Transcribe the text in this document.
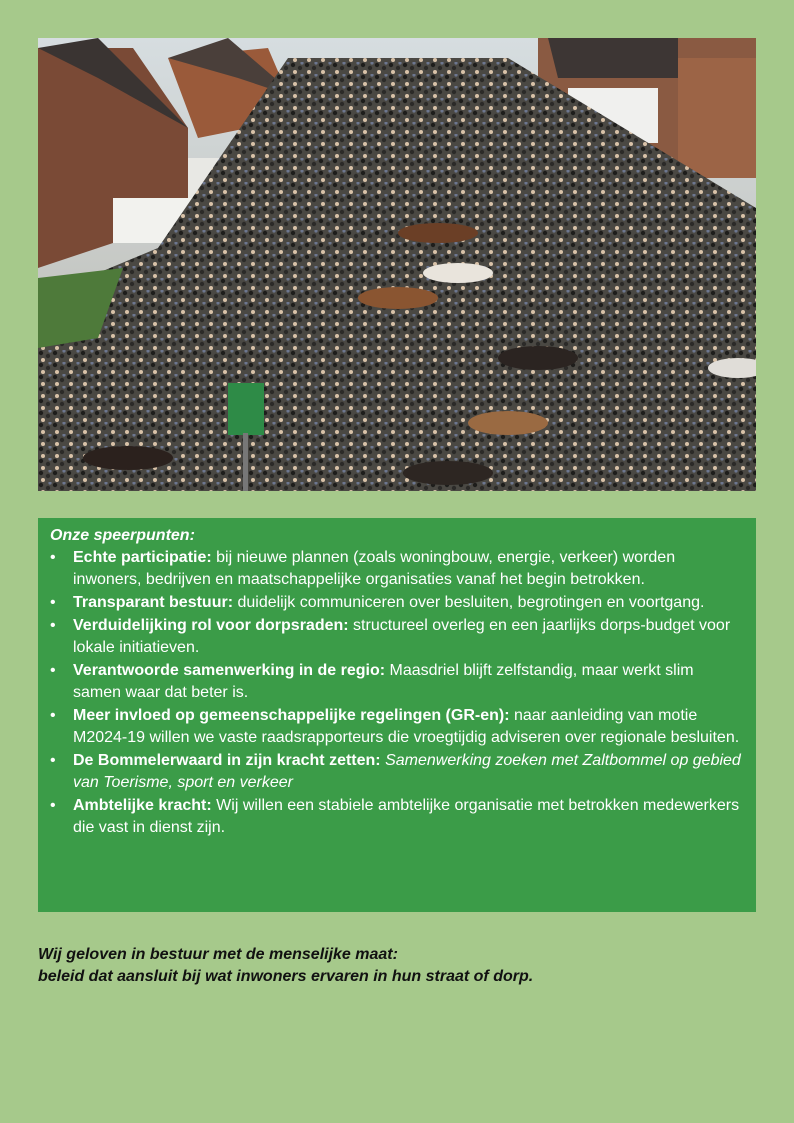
Onze speerpunten:
• Echte participatie: bij nieuwe plannen (zoals woningbouw, energie, verkeer) worden inwoners, bedrijven en maatschappelijke organisaties vanaf het begin betrokken.
• Transparant bestuur: duidelijk communiceren over besluiten, begrotingen en voortgang.
• Verduidelijking rol voor dorpsraden: structureel overleg en een jaarlijks dorps-budget voor lokale initiatieven.
• Verantwoorde samenwerking in de regio: Maasdriel blijft zelfstandig, maar werkt slim samen waar dat beter is.
• Meer invloed op gemeenschappelijke regelingen (GR-en): naar aanleiding van motie M2024-19 willen we vaste raadsrapporteurs die vroegtijdig adviseren over regionale besluiten.
• De Bommelerwaard in zijn kracht zetten: Samenwerking zoeken met Zaltbommel op gebied van Toerisme, sport en verkeer
• Ambtelijke kracht: Wij willen een stabiele ambtelijke organisatie met betrokken medewerkers die vast in dienst zijn.
Wij geloven in bestuur met de menselijke maat:
beleid dat aansluit bij wat inwoners ervaren in hun straat of dorp.
